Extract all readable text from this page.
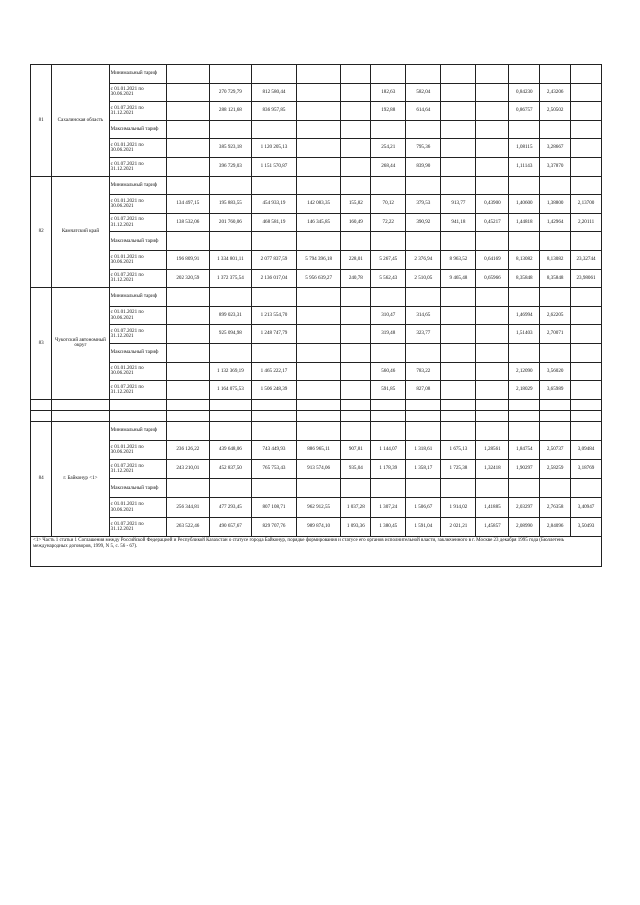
81	Сахалинская область	Минимальный тариф												
		с 01.01.2021 по 30.06.2021		270 729,79	812 580,44			182,63	582,04			0,84230	2,43206	
		с 01.07.2021 по 31.12.2021		288 121,68	836 957,85			192,88	614,64			0,86757	2,50502	
		Максимальный тариф												
		с 01.01.2021 по 30.06.2021		385 923,18	1 120 205,13			254,21	795,36			1,08115	3,28667	
		с 01.07.2021 по 31.12.2021		396 729,03	1 151 570,87			268,44	839,90			1,11143	3,37870	
82	Камчатский край	Минимальный тариф												
		с 01.01.2021 по 30.06.2021	134 497,15	195 883,55	454 933,19	142 083,35	155,82	70,12	379,53	913,77	0,43900	1,40600	1,38800	2,13700
		с 01.07.2021 по 31.12.2021	138 532,06	201 760,06	468 581,19	146 345,85	160,49	72,22	390,92	941,18	0,45217	1,44818	1,42964	2,20111
		Максимальный тариф												
		с 01.01.2021 по 30.06.2021	196 809,91	1 334 801,11	2 077 837,59	5 794 396,18	228,01	5 267,45	2 376,94	8 963,52	0,64169	8,13082	8,13082	23,32744
		с 01.07.2021 по 31.12.2021	202 320,59	1 372 375,54	2 136 017,04	5 956 639,27	240,78	5 562,43	2 510,05	9 465,48	0,65966	8,35848	8,35848	23,98061
83	Чукотский автономный округ	Минимальный тариф												
		с 01.01.2021 по 30.06.2021		899 023,31	1 213 554,70			310,47	314,65			1,46994	2,62205	
		с 01.07.2021 по 31.12.2021		925 094,98	1 248 747,79			319,48	323,77			1,51403	2,70071	
		Максимальный тариф												
		с 01.01.2021 по 30.06.2021		1 132 369,19	1 465 222,17			560,46	783,22			2,12090	3,56020	
		с 01.07.2021 по 31.12.2021		1 164 075,53	1 506 248,39			591,85	827,08			2,18029	3,65989	

84	г. Байконур <1>	Минимальный тариф												
		с 01.01.2021 по 30.06.2021	236 126,22	439 648,06	743 449,93	886 965,11	907,81	1 144,07	1 318,61	1 675,13	1,28561	1,84754	2,50737	3,09484
		с 01.07.2021 по 31.12.2021	243 210,01	452 837,50	765 753,43	913 574,06	935,04	1 178,39	1 358,17	1 725,38	1,32418	1,90297	2,58259	3,18769
		Максимальный тариф												
		с 01.01.2021 по 30.06.2021	256 344,81	477 293,45	807 108,71	962 912,55	1 037,28	1 307,24	1 506,67	1 914,02	1,41885	2,03297	2,76358	3,40947
		с 01.07.2021 по 31.12.2021	263 522,46	490 657,67	829 707,76	989 874,10	1 093,36	1 380,45	1 591,04	2 021,21	1,45857	2,08990	2,84096	3,50493
<1> Часть 1 статьи 1 Соглашения между Российской Федерацией и Республикой Казахстан о статусе города Байконур, порядке формирования и статусе его органов исполнительной власти, заключенного в г. Москве 23 декабря 1995 года (Бюллетень международных договоров, 1999, N 5, с. 56 - 67).														
